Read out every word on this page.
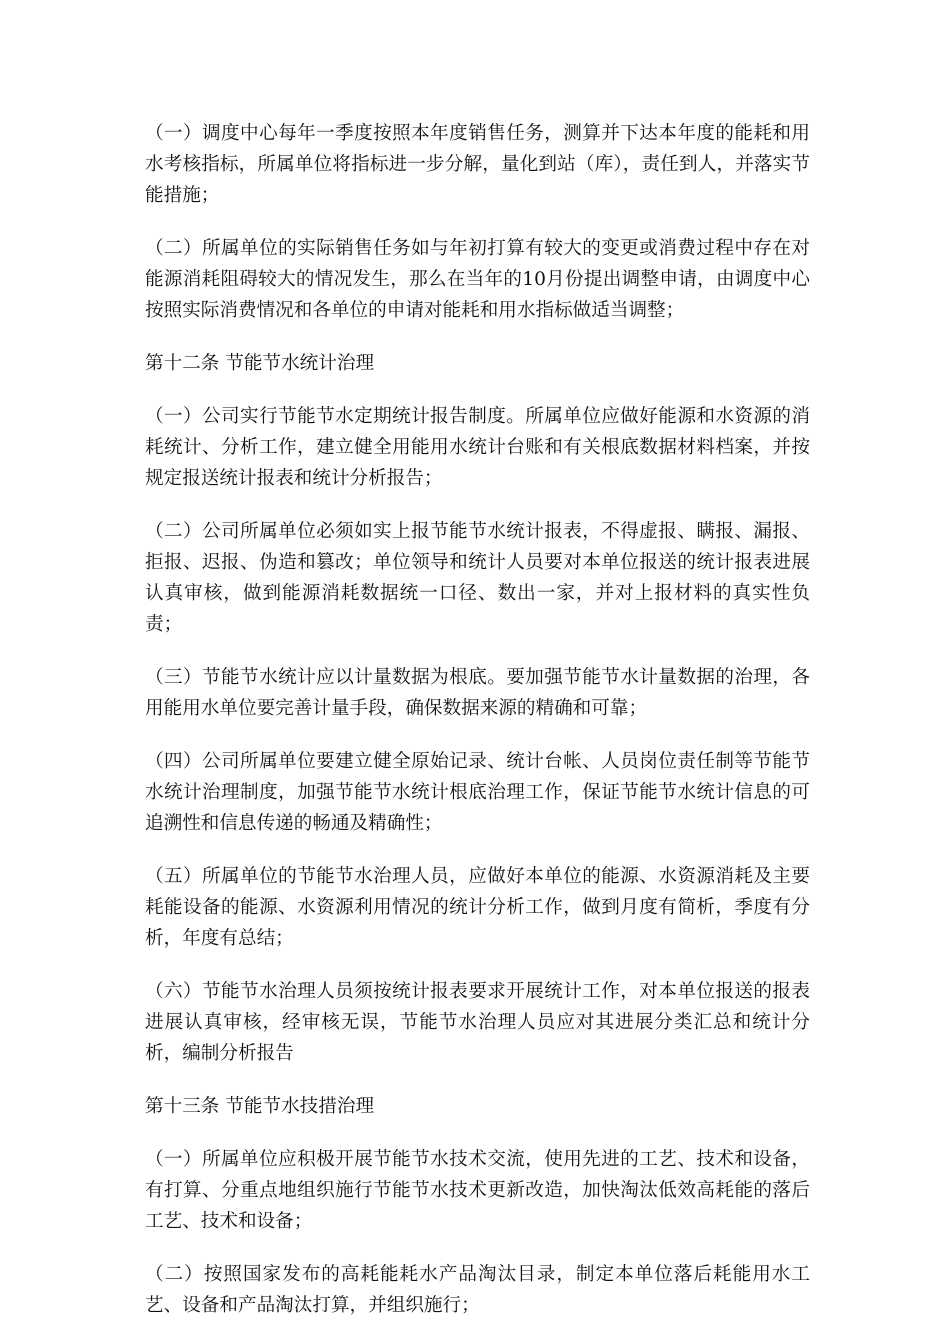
（一）调度中心每年一季度按照本年度销售任务，测算并下达本年度的能耗和用水考核指标，所属单位将指标进一步分解，量化到站（库），责任到人，并落实节能措施；

（二）所属单位的实际销售任务如与年初打算有较大的变更或消费过程中存在对能源消耗阻碍较大的情况发生，那么在当年的10月份提出调整申请，由调度中心按照实际消费情况和各单位的申请对能耗和用水指标做适当调整；

第十二条 节能节水统计治理

（一）公司实行节能节水定期统计报告制度。所属单位应做好能源和水资源的消耗统计、分析工作，建立健全用能用水统计台账和有关根底数据材料档案，并按规定报送统计报表和统计分析报告；

（二）公司所属单位必须如实上报节能节水统计报表，不得虚报、瞒报、漏报、拒报、迟报、伪造和篡改；单位领导和统计人员要对本单位报送的统计报表进展认真审核，做到能源消耗数据统一口径、数出一家，并对上报材料的真实性负责；

（三）节能节水统计应以计量数据为根底。要加强节能节水计量数据的治理，各用能用水单位要完善计量手段，确保数据来源的精确和可靠；

（四）公司所属单位要建立健全原始记录、统计台帐、人员岗位责任制等节能节水统计治理制度，加强节能节水统计根底治理工作，保证节能节水统计信息的可追溯性和信息传递的畅通及精确性；

（五）所属单位的节能节水治理人员，应做好本单位的能源、水资源消耗及主要耗能设备的能源、水资源利用情况的统计分析工作，做到月度有简析，季度有分析，年度有总结；

（六）节能节水治理人员须按统计报表要求开展统计工作，对本单位报送的报表进展认真审核，经审核无误，节能节水治理人员应对其进展分类汇总和统计分析，编制分析报告

第十三条 节能节水技措治理

（一）所属单位应积极开展节能节水技术交流，使用先进的工艺、技术和设备，有打算、分重点地组织施行节能节水技术更新改造，加快淘汰低效高耗能的落后工艺、技术和设备；

（二）按照国家发布的高耗能耗水产品淘汰目录，制定本单位落后耗能用水工艺、设备和产品淘汰打算，并组织施行；
